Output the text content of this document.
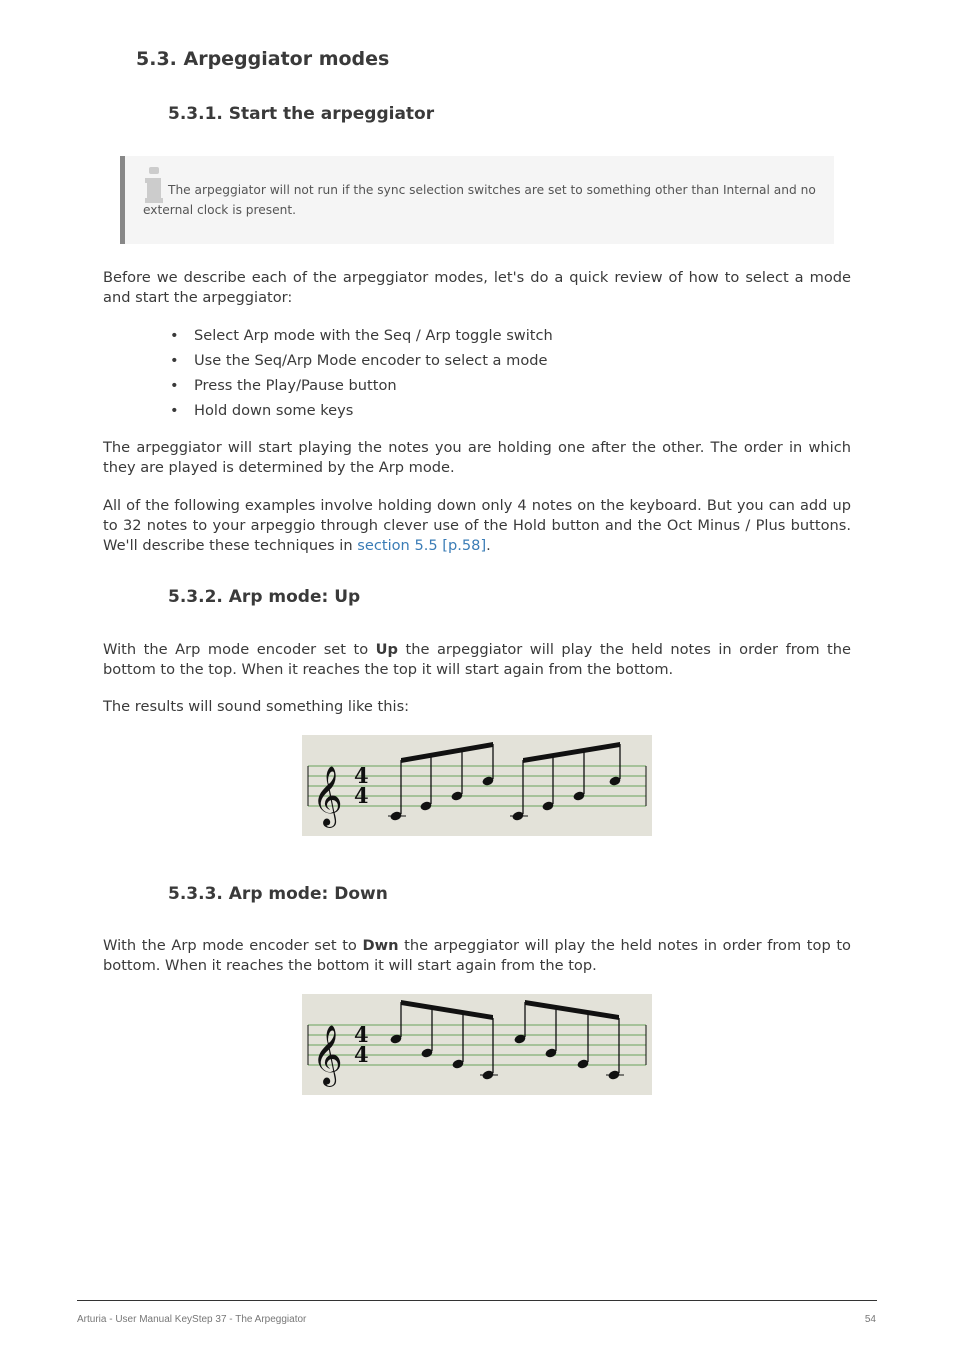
5.3. Arpeggiator modes
5.3.1. Start the arpeggiator
The arpeggiator will not run if the sync selection switches are set to something other than Internal and no external clock is present.
Before we describe each of the arpeggiator modes, let's do a quick review of how to select a mode and start the arpeggiator:
•	Select Arp mode with the Seq / Arp toggle switch
•	Use the Seq/Arp Mode encoder to select a mode
•	Press the Play/Pause button
•	Hold down some keys
The arpeggiator will start playing the notes you are holding one after the other. The order in which they are played is determined by the Arp mode.
All of the following examples involve holding down only 4 notes on the keyboard. But you can add up to 32 notes to your arpeggio through clever use of the Hold button and the Oct Minus / Plus buttons. We'll describe these techniques in section 5.5 [p.58].
5.3.2. Arp mode: Up
With the Arp mode encoder set to Up the arpeggiator will play the held notes in order from the bottom to the top. When it reaches the top it will start again from the bottom.
The results will sound something like this:
𝄞 4
4
5.3.3. Arp mode: Down
With the Arp mode encoder set to Dwn the arpeggiator will play the held notes in order from top to bottom. When it reaches the bottom it will start again from the top.
𝄞 4
4
Arturia - User Manual KeyStep 37 - The Arpeggiator	54
